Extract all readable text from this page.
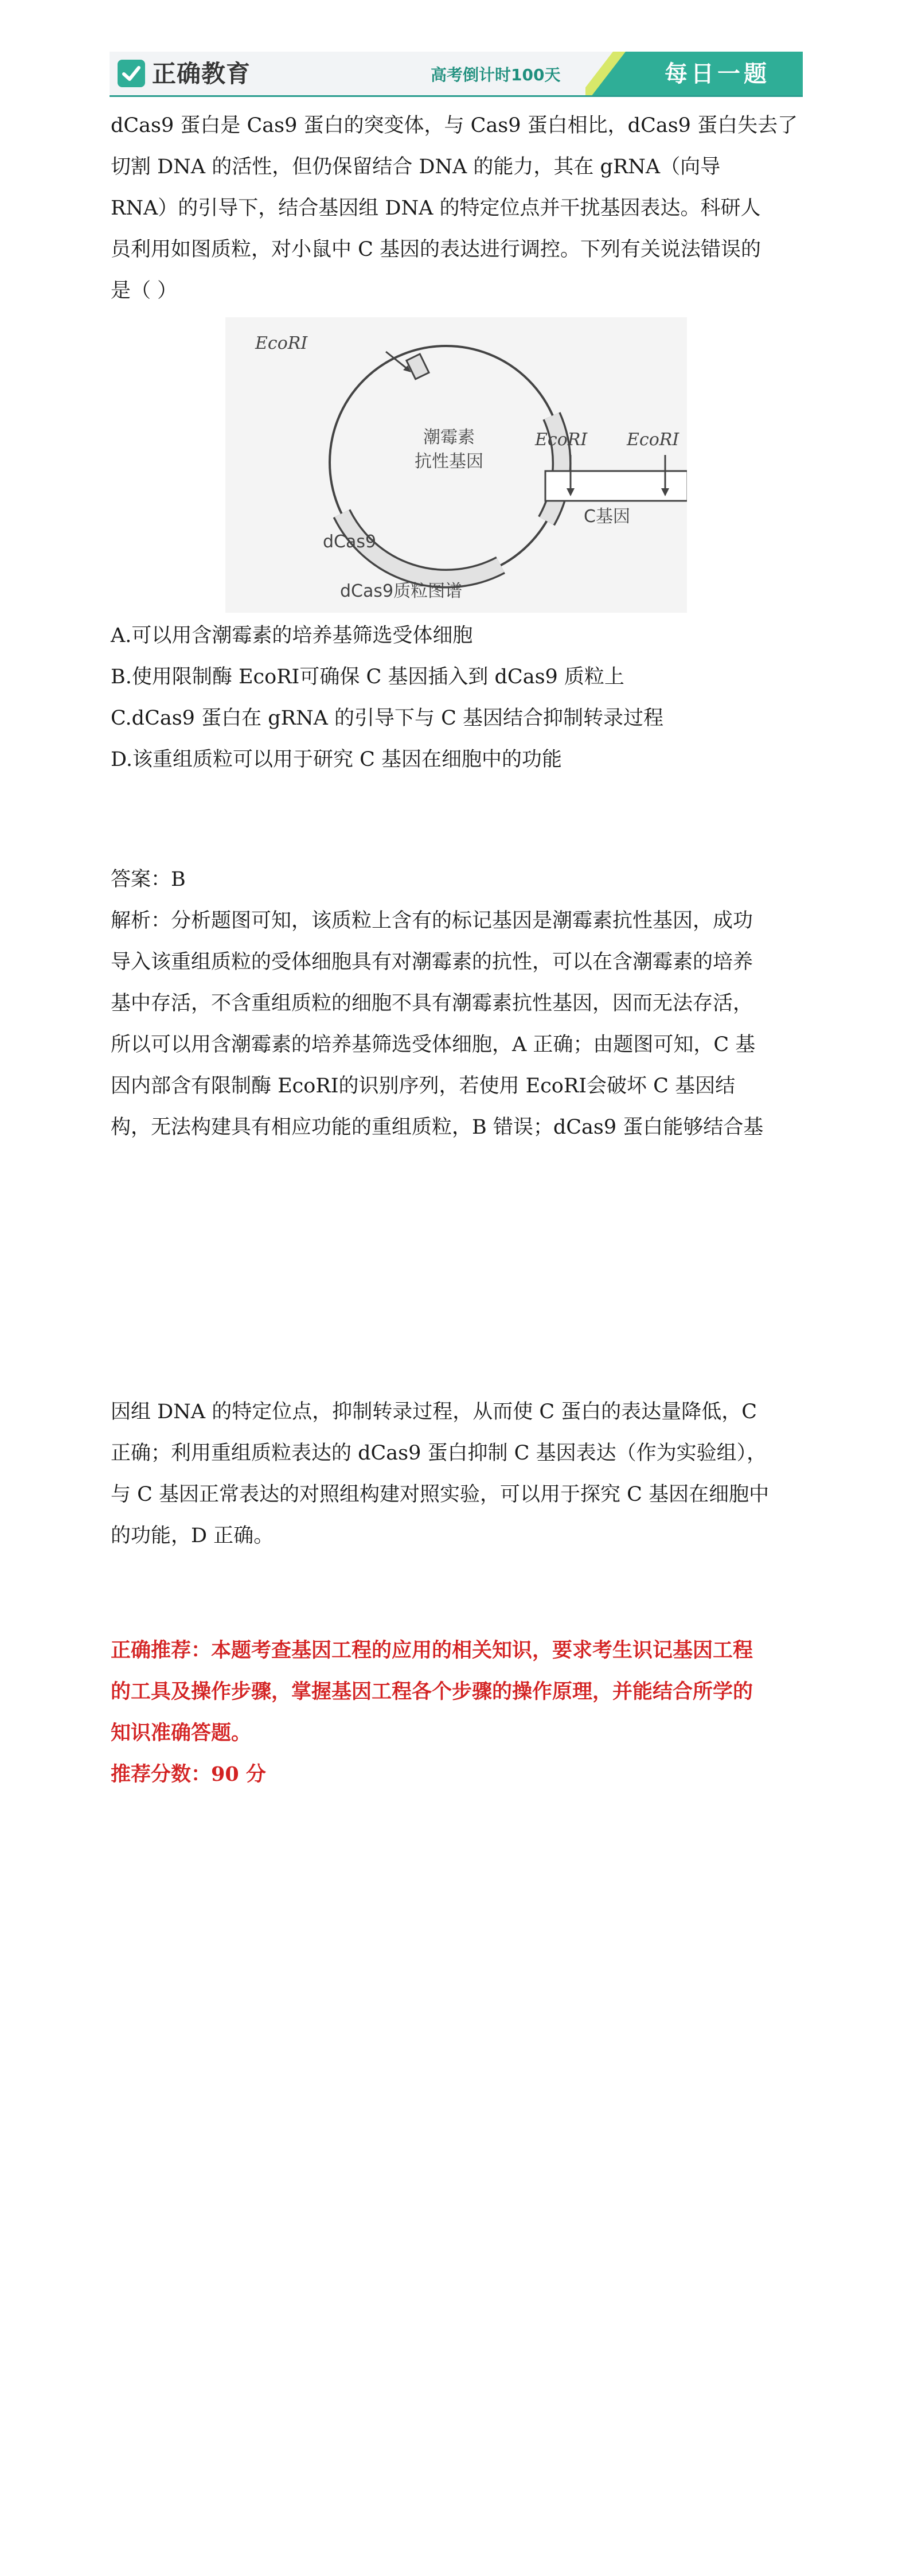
正确教育	高考倒计时100天	每日一题
dCas9 蛋白是 Cas9 蛋白的突变体，与 Cas9 蛋白相比，dCas9 蛋白失去了
切割 DNA 的活性，但仍保留结合 DNA 的能力，其在 gRNA（向导
RNA）的引导下，结合基因组 DNA 的特定位点并干扰基因表达。科研人
员利用如图质粒，对小鼠中 C 基因的表达进行调控。下列有关说法错误的
是（ ）
EcoRⅠ
潮霉素
抗性基因
dCas9
dCas9质粒图谱
EcoRⅠ EcoRⅠ
C基因
A.可以用含潮霉素的培养基筛选受体细胞
B.使用限制酶 EcoRⅠ可确保 C 基因插入到 dCas9 质粒上
C.dCas9 蛋白在 gRNA 的引导下与 C 基因结合抑制转录过程
D.该重组质粒可以用于研究 C 基因在细胞中的功能
答案：B
解析：分析题图可知，该质粒上含有的标记基因是潮霉素抗性基因，成功
导入该重组质粒的受体细胞具有对潮霉素的抗性，可以在含潮霉素的培养
基中存活，不含重组质粒的细胞不具有潮霉素抗性基因，因而无法存活，
所以可以用含潮霉素的培养基筛选受体细胞，A 正确；由题图可知，C 基
因内部含有限制酶 EcoRⅠ的识别序列，若使用 EcoRⅠ会破坏 C 基因结
构，无法构建具有相应功能的重组质粒，B 错误；dCas9 蛋白能够结合基
因组 DNA 的特定位点，抑制转录过程，从而使 C 蛋白的表达量降低，C
正确；利用重组质粒表达的 dCas9 蛋白抑制 C 基因表达（作为实验组），
与 C 基因正常表达的对照组构建对照实验，可以用于探究 C 基因在细胞中
的功能，D 正确。
正确推荐：本题考查基因工程的应用的相关知识，要求考生识记基因工程
的工具及操作步骤，掌握基因工程各个步骤的操作原理，并能结合所学的
知识准确答题。
推荐分数：90 分
